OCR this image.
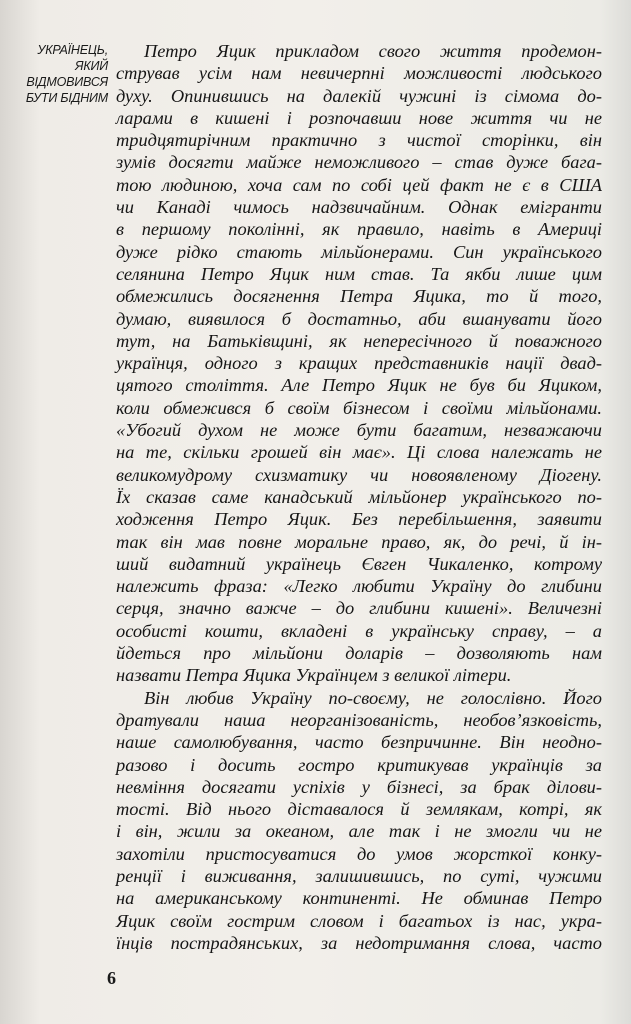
УКРАЇНЕЦЬ,
ЯКИЙ
ВІДМОВИВСЯ
БУТИ БІДНИМ
Петро Яцик прикладом свого життя продемон-
стрував усім нам невичерпні можливості людського
духу. Опинившись на далекій чужині із сімома до-
ларами в кишені і розпочавши нове життя чи не
тридцятирічним практично з чистої сторінки, він
зумів досягти майже неможливого – став дуже бага-
тою людиною, хоча сам по собі цей факт не є в США
чи Канаді чимось надзвичайним. Однак емігранти
в першому поколінні, як правило, навіть в Америці
дуже рідко стають мільйонерами. Син українського
селянина Петро Яцик ним став. Та якби лише цим
обмежились досягнення Петра Яцика, то й того,
думаю, виявилося б достатньо, аби вшанувати його
тут, на Батьківщині, як непересічного й поважного
українця, одного з кращих представників нації двад-
цятого століття. Але Петро Яцик не був би Яциком,
коли обмежився б своїм бізнесом і своїми мільйонами.
«Убогий духом не може бути багатим, незважаючи
на те, скільки грошей він має». Ці слова належать не
великомудрому схизматику чи новоявленому Діогену.
Їх сказав саме канадський мільйонер українського по-
ходження Петро Яцик. Без перебільшення, заявити
так він мав повне моральне право, як, до речі, й ін-
ший видатний українець Євген Чикаленко, котрому
належить фраза: «Легко любити Україну до глибини
серця, значно важче – до глибини кишені». Величезні
особисті кошти, вкладені в українську справу, – а
йдеться про мільйони доларів – дозволяють нам
назвати Петра Яцика Українцем з великої літери.
Він любив Україну по-своєму, не голослівно. Його
дратували наша неорганізованість, необов’язковість,
наше самолюбування, часто безпричинне. Він неодно-
разово і досить гостро критикував українців за
невміння досягати успіхів у бізнесі, за брак ділови-
тості. Від нього діставалося й землякам, котрі, як
і він, жили за океаном, але так і не змогли чи не
захотіли пристосуватися до умов жорсткої конку-
ренції і виживання, залишившись, по суті, чужими
на американському континенті. Не обминав Петро
Яцик своїм гострим словом і багатьох із нас, укра-
їнців пострадянських, за недотримання слова, часто
6
